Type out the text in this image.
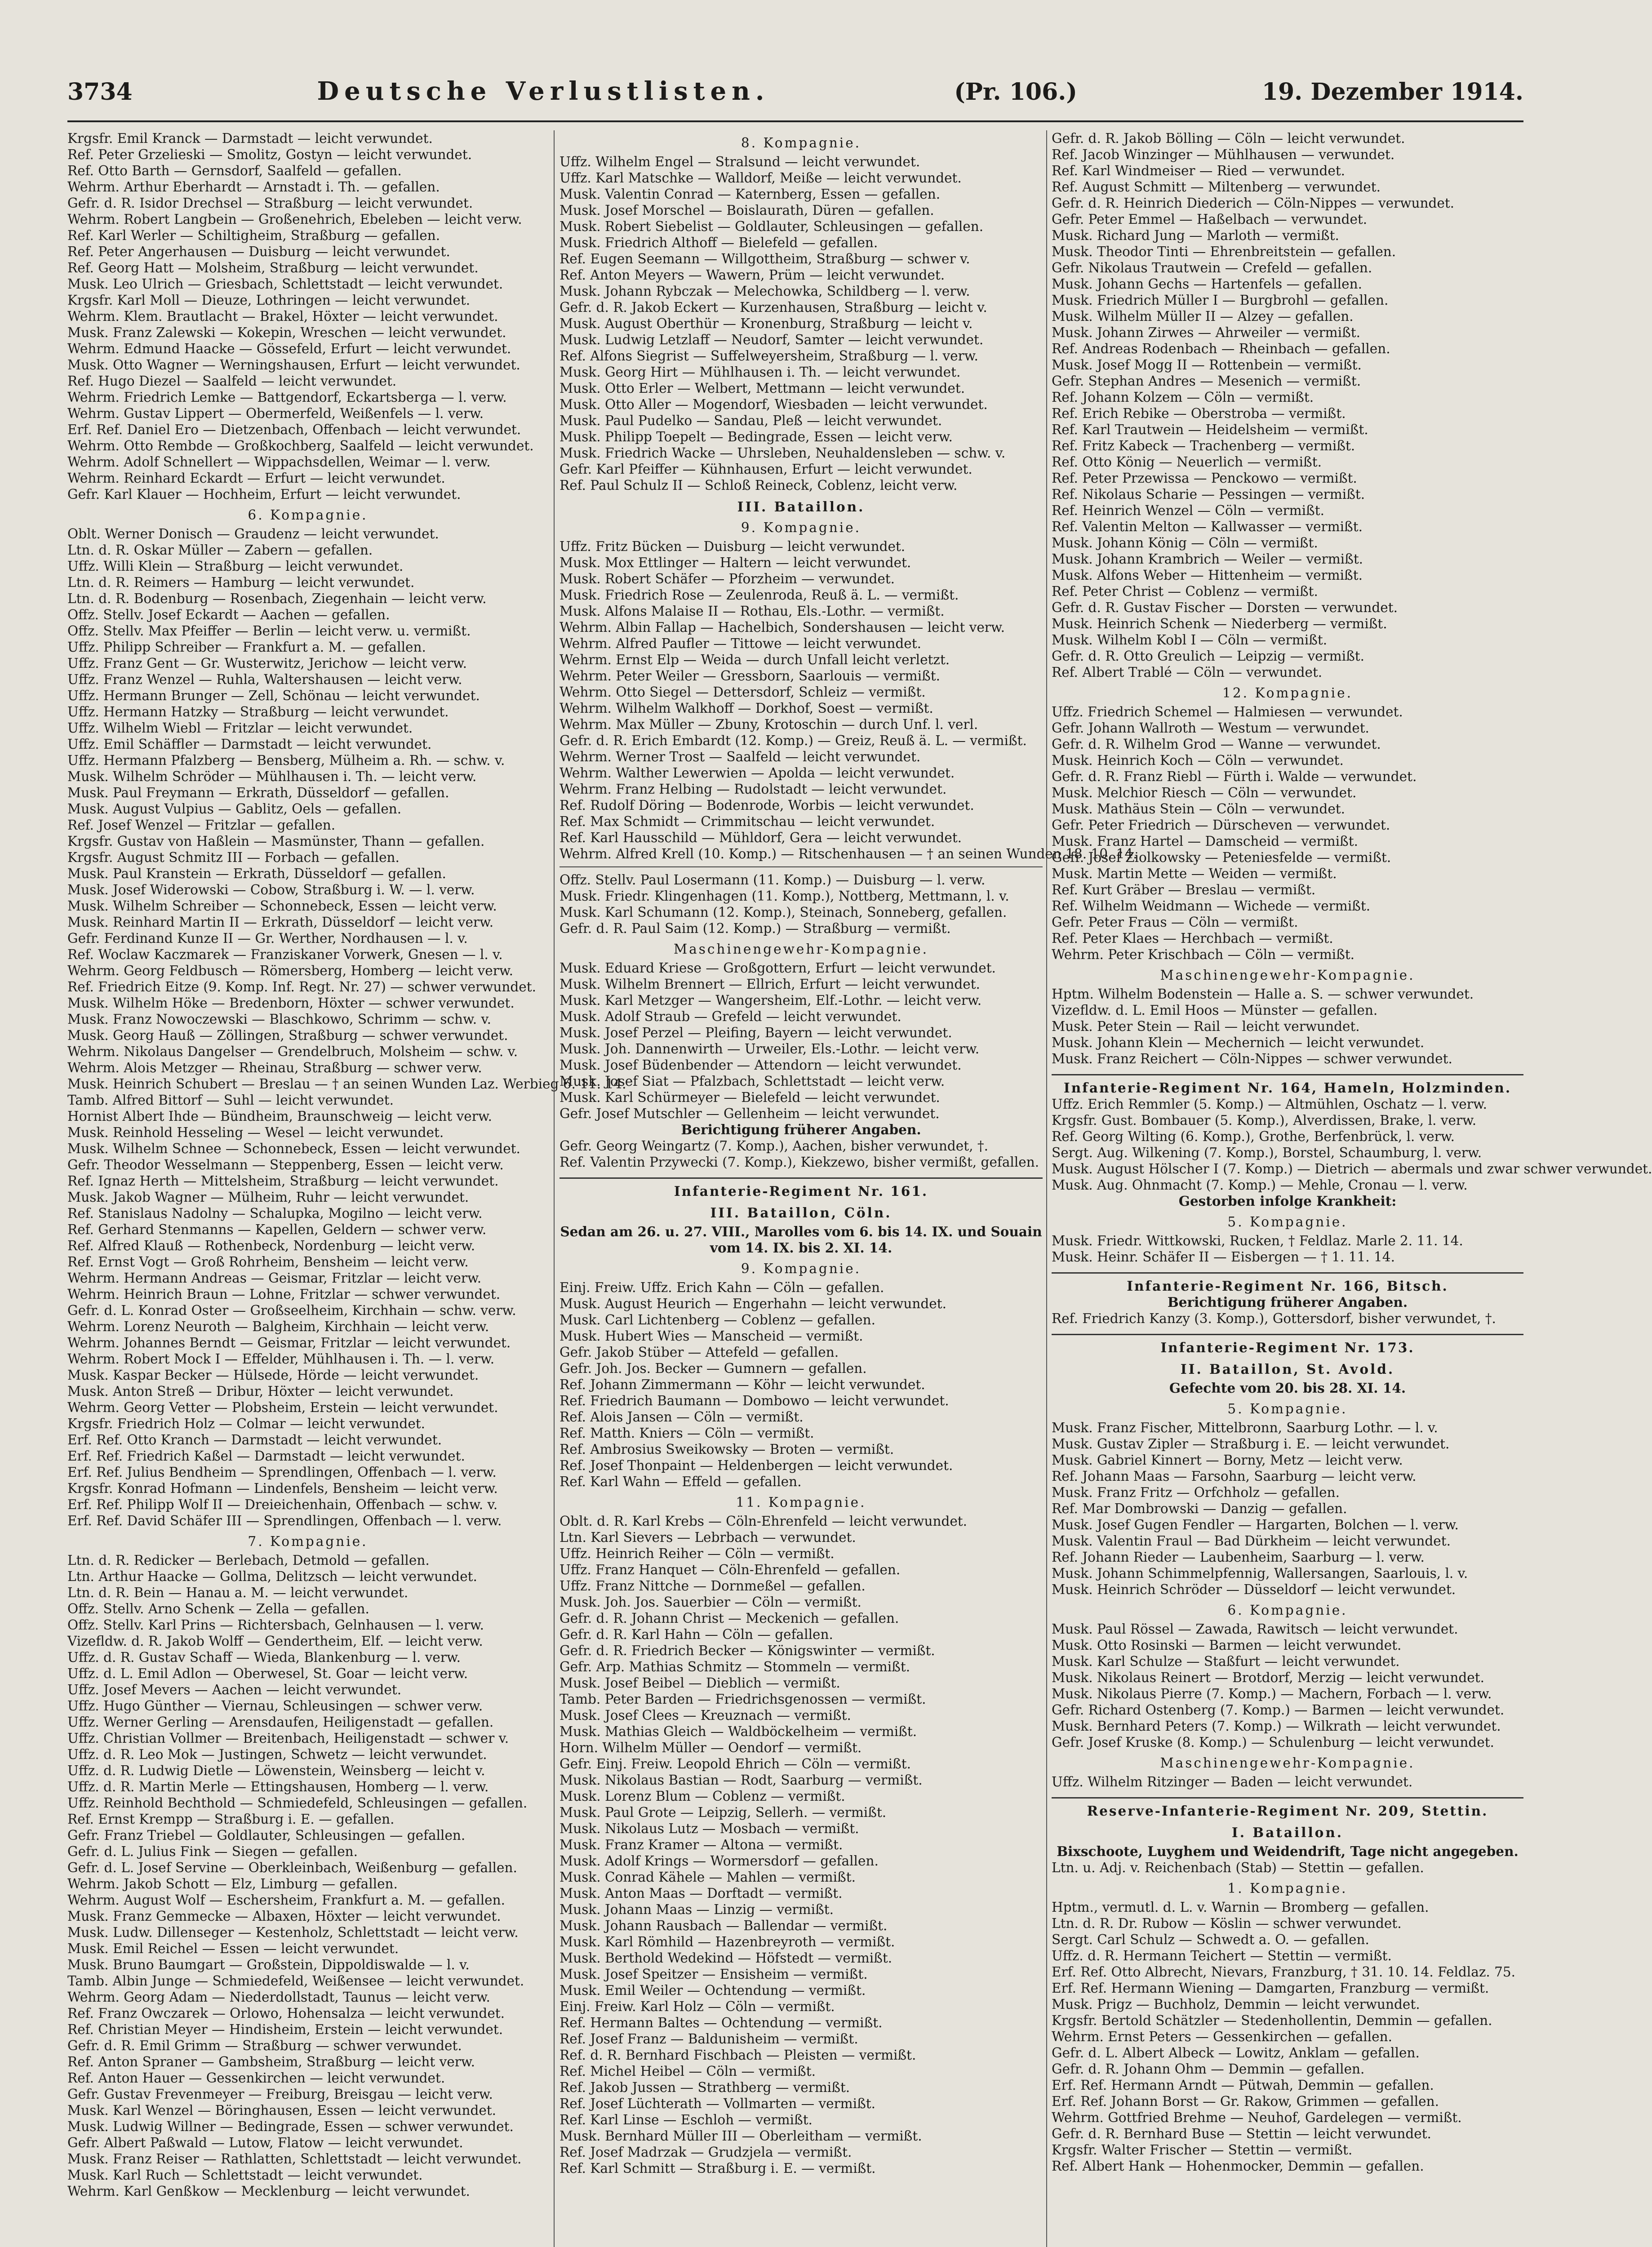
3734	Deutsche Verlustlisten.	(Pr. 106.)	19. Dezember 1914.
Krgsfr. Emil Kranck — Darmstadt — leicht verwundet.
Ref. Peter Grzelieski — Smolitz, Gostyn — leicht verwundet.
Ref. Otto Barth — Gernsdorf, Saalfeld — gefallen.
Wehrm. Arthur Eberhardt — Arnstadt i. Th. — gefallen.
Gefr. d. R. Isidor Drechsel — Straßburg — leicht verwundet.
Wehrm. Robert Langbein — Großenehrich, Ebeleben — leicht verw.
Ref. Karl Werler — Schiltigheim, Straßburg — gefallen.
Ref. Peter Angerhausen — Duisburg — leicht verwundet.
Ref. Georg Hatt — Molsheim, Straßburg — leicht verwundet.
Musk. Leo Ulrich — Griesbach, Schlettstadt — leicht verwundet.
Krgsfr. Karl Moll — Dieuze, Lothringen — leicht verwundet.
Wehrm. Klem. Brautlacht — Brakel, Höxter — leicht verwundet.
Musk. Franz Zalewski — Kokepin, Wreschen — leicht verwundet.
Wehrm. Edmund Haacke — Gössefeld, Erfurt — leicht verwundet.
Musk. Otto Wagner — Werningshausen, Erfurt — leicht verwundet.
Ref. Hugo Diezel — Saalfeld — leicht verwundet.
Wehrm. Friedrich Lemke — Battgendorf, Eckartsberga — l. verw.
Wehrm. Gustav Lippert — Obermerfeld, Weißenfels — l. verw.
Erf. Ref. Daniel Ero — Dietzenbach, Offenbach — leicht verwundet.
Wehrm. Otto Rembde — Großkochberg, Saalfeld — leicht verwundet.
Wehrm. Adolf Schnellert — Wippachsdellen, Weimar — l. verw.
Wehrm. Reinhard Eckardt — Erfurt — leicht verwundet.
Gefr. Karl Klauer — Hochheim, Erfurt — leicht verwundet.
6. Kompagnie.
Oblt. Werner Donisch — Graudenz — leicht verwundet.
Ltn. d. R. Oskar Müller — Zabern — gefallen.
Uffz. Willi Klein — Straßburg — leicht verwundet.
Ltn. d. R. Reimers — Hamburg — leicht verwundet.
Ltn. d. R. Bodenburg — Rosenbach, Ziegenhain — leicht verw.
Offz. Stellv. Josef Eckardt — Aachen — gefallen.
Offz. Stellv. Max Pfeiffer — Berlin — leicht verw. u. vermißt.
Uffz. Philipp Schreiber — Frankfurt a. M. — gefallen.
Uffz. Franz Gent — Gr. Wusterwitz, Jerichow — leicht verw.
Uffz. Franz Wenzel — Ruhla, Waltershausen — leicht verw.
Uffz. Hermann Brunger — Zell, Schönau — leicht verwundet.
Uffz. Hermann Hatzky — Straßburg — leicht verwundet.
Uffz. Wilhelm Wiebl — Fritzlar — leicht verwundet.
Uffz. Emil Schäffler — Darmstadt — leicht verwundet.
Uffz. Hermann Pfalzberg — Bensberg, Mülheim a. Rh. — schw. v.
Musk. Wilhelm Schröder — Mühlhausen i. Th. — leicht verw.
Musk. Paul Freymann — Erkrath, Düsseldorf — gefallen.
Musk. August Vulpius — Gablitz, Oels — gefallen.
Ref. Josef Wenzel — Fritzlar — gefallen.
Krgsfr. Gustav von Haßlein — Masmünster, Thann — gefallen.
Krgsfr. August Schmitz III — Forbach — gefallen.
Musk. Paul Kranstein — Erkrath, Düsseldorf — gefallen.
Musk. Josef Widerowski — Cobow, Straßburg i. W. — l. verw.
Musk. Wilhelm Schreiber — Schonnebeck, Essen — leicht verw.
Musk. Reinhard Martin II — Erkrath, Düsseldorf — leicht verw.
Gefr. Ferdinand Kunze II — Gr. Werther, Nordhausen — l. v.
Ref. Woclaw Kaczmarek — Franziskaner Vorwerk, Gnesen — l. v.
Wehrm. Georg Feldbusch — Römersberg, Homberg — leicht verw.
Ref. Friedrich Eitze (9. Komp. Inf. Regt. Nr. 27) — schwer verwundet.
Musk. Wilhelm Höke — Bredenborn, Höxter — schwer verwundet.
Musk. Franz Nowoczewski — Blaschkowo, Schrimm — schw. v.
Musk. Georg Hauß — Zöllingen, Straßburg — schwer verwundet.
Wehrm. Nikolaus Dangelser — Grendelbruch, Molsheim — schw. v.
Wehrm. Alois Metzger — Rheinau, Straßburg — schwer verw.
Musk. Heinrich Schubert — Breslau — † an seinen Wunden Laz. Werbieg 6. 11. 14.
Tamb. Alfred Bittorf — Suhl — leicht verwundet.
Hornist Albert Ihde — Bündheim, Braunschweig — leicht verw.
Musk. Reinhold Hesseling — Wesel — leicht verwundet.
Musk. Wilhelm Schnee — Schonnebeck, Essen — leicht verwundet.
Gefr. Theodor Wesselmann — Steppenberg, Essen — leicht verw.
Ref. Ignaz Herth — Mittelsheim, Straßburg — leicht verwundet.
Musk. Jakob Wagner — Mülheim, Ruhr — leicht verwundet.
Ref. Stanislaus Nadolny — Schalupka, Mogilno — leicht verw.
Ref. Gerhard Stenmanns — Kapellen, Geldern — schwer verw.
Ref. Alfred Klauß — Rothenbeck, Nordenburg — leicht verw.
Ref. Ernst Vogt — Groß Rohrheim, Bensheim — leicht verw.
Wehrm. Hermann Andreas — Geismar, Fritzlar — leicht verw.
Wehrm. Heinrich Braun — Lohne, Fritzlar — schwer verwundet.
Gefr. d. L. Konrad Oster — Großseelheim, Kirchhain — schw. verw.
Wehrm. Lorenz Neuroth — Balgheim, Kirchhain — leicht verw.
Wehrm. Johannes Berndt — Geismar, Fritzlar — leicht verwundet.
Wehrm. Robert Mock I — Effelder, Mühlhausen i. Th. — l. verw.
Musk. Kaspar Becker — Hülsede, Hörde — leicht verwundet.
Musk. Anton Streß — Dribur, Höxter — leicht verwundet.
Wehrm. Georg Vetter — Plobsheim, Erstein — leicht verwundet.
Krgsfr. Friedrich Holz — Colmar — leicht verwundet.
Erf. Ref. Otto Kranch — Darmstadt — leicht verwundet.
Erf. Ref. Friedrich Kaßel — Darmstadt — leicht verwundet.
Erf. Ref. Julius Bendheim — Sprendlingen, Offenbach — l. verw.
Krgsfr. Konrad Hofmann — Lindenfels, Bensheim — leicht verw.
Erf. Ref. Philipp Wolf II — Dreieichenhain, Offenbach — schw. v.
Erf. Ref. David Schäfer III — Sprendlingen, Offenbach — l. verw.
7. Kompagnie.
Ltn. d. R. Redicker — Berlebach, Detmold — gefallen.
Ltn. Arthur Haacke — Gollma, Delitzsch — leicht verwundet.
Ltn. d. R. Bein — Hanau a. M. — leicht verwundet.
Offz. Stellv. Arno Schenk — Zella — gefallen.
Offz. Stellv. Karl Prins — Richtersbach, Gelnhausen — l. verw.
Vizefldw. d. R. Jakob Wolff — Gendertheim, Elf. — leicht verw.
Uffz. d. R. Gustav Schaff — Wieda, Blankenburg — l. verw.
Uffz. d. L. Emil Adlon — Oberwesel, St. Goar — leicht verw.
Uffz. Josef Mevers — Aachen — leicht verwundet.
Uffz. Hugo Günther — Viernau, Schleusingen — schwer verw.
Uffz. Werner Gerling — Arensdaufen, Heiligenstadt — gefallen.
Uffz. Christian Vollmer — Breitenbach, Heiligenstadt — schwer v.
Uffz. d. R. Leo Mok — Justingen, Schwetz — leicht verwundet.
Uffz. d. R. Ludwig Dietle — Löwenstein, Weinsberg — leicht v.
Uffz. d. R. Martin Merle — Ettingshausen, Homberg — l. verw.
Uffz. Reinhold Bechthold — Schmiedefeld, Schleusingen — gefallen.
Ref. Ernst Krempp — Straßburg i. E. — gefallen.
Gefr. Franz Triebel — Goldlauter, Schleusingen — gefallen.
Gefr. d. L. Julius Fink — Siegen — gefallen.
Gefr. d. L. Josef Servine — Oberkleinbach, Weißenburg — gefallen.
Wehrm. Jakob Schott — Elz, Limburg — gefallen.
Wehrm. August Wolf — Eschersheim, Frankfurt a. M. — gefallen.
Musk. Franz Gemmecke — Albaxen, Höxter — leicht verwundet.
Musk. Ludw. Dillenseger — Kestenholz, Schlettstadt — leicht verw.
Musk. Emil Reichel — Essen — leicht verwundet.
Musk. Bruno Baumgart — Großstein, Dippoldiswalde — l. v.
Tamb. Albin Junge — Schmiedefeld, Weißensee — leicht verwundet.
Wehrm. Georg Adam — Niederdollstadt, Taunus — leicht verw.
Ref. Franz Owczarek — Orlowo, Hohensalza — leicht verwundet.
Ref. Christian Meyer — Hindisheim, Erstein — leicht verwundet.
Gefr. d. R. Emil Grimm — Straßburg — schwer verwundet.
Ref. Anton Spraner — Gambsheim, Straßburg — leicht verw.
Ref. Anton Hauer — Gessenkirchen — leicht verwundet.
Gefr. Gustav Frevenmeyer — Freiburg, Breisgau — leicht verw.
Musk. Karl Wenzel — Böringhausen, Essen — leicht verwundet.
Musk. Ludwig Willner — Bedingrade, Essen — schwer verwundet.
Gefr. Albert Paßwald — Lutow, Flatow — leicht verwundet.
Musk. Franz Reiser — Rathlatten, Schlettstadt — leicht verwundet.
Musk. Karl Ruch — Schlettstadt — leicht verwundet.
Wehrm. Karl Genßkow — Mecklenburg — leicht verwundet.
8. Kompagnie.
Uffz. Wilhelm Engel — Stralsund — leicht verwundet.
Uffz. Karl Matschke — Walldorf, Meiße — leicht verwundet.
Musk. Valentin Conrad — Katernberg, Essen — gefallen.
Musk. Josef Morschel — Boislaurath, Düren — gefallen.
Musk. Robert Siebelist — Goldlauter, Schleusingen — gefallen.
Musk. Friedrich Althoff — Bielefeld — gefallen.
Ref. Eugen Seemann — Willgottheim, Straßburg — schwer v.
Ref. Anton Meyers — Wawern, Prüm — leicht verwundet.
Musk. Johann Rybczak — Melechowka, Schildberg — l. verw.
Gefr. d. R. Jakob Eckert — Kurzenhausen, Straßburg — leicht v.
Musk. August Oberthür — Kronenburg, Straßburg — leicht v.
Musk. Ludwig Letzlaff — Neudorf, Samter — leicht verwundet.
Ref. Alfons Siegrist — Suffelweyersheim, Straßburg — l. verw.
Musk. Georg Hirt — Mühlhausen i. Th. — leicht verwundet.
Musk. Otto Erler — Welbert, Mettmann — leicht verwundet.
Musk. Otto Aller — Mogendorf, Wiesbaden — leicht verwundet.
Musk. Paul Pudelko — Sandau, Pleß — leicht verwundet.
Musk. Philipp Toepelt — Bedingrade, Essen — leicht verw.
Musk. Friedrich Wacke — Uhrsleben, Neuhaldensleben — schw. v.
Gefr. Karl Pfeiffer — Kühnhausen, Erfurt — leicht verwundet.
Ref. Paul Schulz II — Schloß Reineck, Coblenz, leicht verw.
III. Bataillon.
9. Kompagnie.
Uffz. Fritz Bücken — Duisburg — leicht verwundet.
Musk. Mox Ettlinger — Haltern — leicht verwundet.
Musk. Robert Schäfer — Pforzheim — verwundet.
Musk. Friedrich Rose — Zeulenroda, Reuß ä. L. — vermißt.
Musk. Alfons Malaise II — Rothau, Els.-Lothr. — vermißt.
Wehrm. Albin Fallap — Hachelbich, Sondershausen — leicht verw.
Wehrm. Alfred Paufler — Tittowe — leicht verwundet.
Wehrm. Ernst Elp — Weida — durch Unfall leicht verletzt.
Wehrm. Peter Weiler — Gressborn, Saarlouis — vermißt.
Wehrm. Otto Siegel — Dettersdorf, Schleiz — vermißt.
Wehrm. Wilhelm Walkhoff — Dorkhof, Soest — vermißt.
Wehrm. Max Müller — Zbuny, Krotoschin — durch Unf. l. verl.
Gefr. d. R. Erich Embardt (12. Komp.) — Greiz, Reuß ä. L. — vermißt.
Wehrm. Werner Trost — Saalfeld — leicht verwundet.
Wehrm. Walther Lewerwien — Apolda — leicht verwundet.
Wehrm. Franz Helbing — Rudolstadt — leicht verwundet.
Ref. Rudolf Döring — Bodenrode, Worbis — leicht verwundet.
Ref. Max Schmidt — Crimmitschau — leicht verwundet.
Ref. Karl Hausschild — Mühldorf, Gera — leicht verwundet.
Wehrm. Alfred Krell (10. Komp.) — Ritschenhausen — † an seinen Wunden 18. 10. 14.
Offz. Stellv. Paul Losermann (11. Komp.) — Duisburg — l. verw.
Musk. Friedr. Klingenhagen (11. Komp.), Nottberg, Mettmann, l. v.
Musk. Karl Schumann (12. Komp.), Steinach, Sonneberg, gefallen.
Gefr. d. R. Paul Saim (12. Komp.) — Straßburg — vermißt.
Maschinengewehr-Kompagnie.
Musk. Eduard Kriese — Großgottern, Erfurt — leicht verwundet.
Musk. Wilhelm Brennert — Ellrich, Erfurt — leicht verwundet.
Musk. Karl Metzger — Wangersheim, Elf.-Lothr. — leicht verw.
Musk. Adolf Straub — Grefeld — leicht verwundet.
Musk. Josef Perzel — Pleifing, Bayern — leicht verwundet.
Musk. Joh. Dannenwirth — Urweiler, Els.-Lothr. — leicht verw.
Musk. Josef Büdenbender — Attendorn — leicht verwundet.
Musk. Josef Siat — Pfalzbach, Schlettstadt — leicht verw.
Musk. Karl Schürmeyer — Bielefeld — leicht verwundet.
Gefr. Josef Mutschler — Gellenheim — leicht verwundet.
Berichtigung früherer Angaben.
Gefr. Georg Weingartz (7. Komp.), Aachen, bisher verwundet, †.
Ref. Valentin Przywecki (7. Komp.), Kiekzewo, bisher vermißt, gefallen.
Infanterie-Regiment Nr. 161.
III. Bataillon, Cöln.
Sedan am 26. u. 27. VIII., Marolles vom 6. bis 14. IX. und Souain vom 14. IX. bis 2. XI. 14.
9. Kompagnie.
Einj. Freiw. Uffz. Erich Kahn — Cöln — gefallen.
Musk. August Heurich — Engerhahn — leicht verwundet.
Musk. Carl Lichtenberg — Coblenz — gefallen.
Musk. Hubert Wies — Manscheid — vermißt.
Gefr. Jakob Stüber — Attefeld — gefallen.
Gefr. Joh. Jos. Becker — Gumnern — gefallen.
Ref. Johann Zimmermann — Köhr — leicht verwundet.
Ref. Friedrich Baumann — Dombowo — leicht verwundet.
Ref. Alois Jansen — Cöln — vermißt.
Ref. Matth. Kniers — Cöln — vermißt.
Ref. Ambrosius Sweikowsky — Broten — vermißt.
Ref. Josef Thonpaint — Heldenbergen — leicht verwundet.
Ref. Karl Wahn — Effeld — gefallen.
11. Kompagnie.
Oblt. d. R. Karl Krebs — Cöln-Ehrenfeld — leicht verwundet.
Ltn. Karl Sievers — Lebrbach — verwundet.
Uffz. Heinrich Reiher — Cöln — vermißt.
Uffz. Franz Hanquet — Cöln-Ehrenfeld — gefallen.
Uffz. Franz Nittche — Dornmeßel — gefallen.
Musk. Joh. Jos. Sauerbier — Cöln — vermißt.
Gefr. d. R. Johann Christ — Meckenich — gefallen.
Gefr. d. R. Karl Hahn — Cöln — gefallen.
Gefr. d. R. Friedrich Becker — Königswinter — vermißt.
Gefr. Arp. Mathias Schmitz — Stommeln — vermißt.
Musk. Josef Beibel — Dieblich — vermißt.
Tamb. Peter Barden — Friedrichsgenossen — vermißt.
Musk. Josef Clees — Kreuznach — vermißt.
Musk. Mathias Gleich — Waldböckelheim — vermißt.
Horn. Wilhelm Müller — Oendorf — vermißt.
Gefr. Einj. Freiw. Leopold Ehrich — Cöln — vermißt.
Musk. Nikolaus Bastian — Rodt, Saarburg — vermißt.
Musk. Lorenz Blum — Coblenz — vermißt.
Musk. Paul Grote — Leipzig, Sellerh. — vermißt.
Musk. Nikolaus Lutz — Mosbach — vermißt.
Musk. Franz Kramer — Altona — vermißt.
Musk. Adolf Krings — Wormersdorf — gefallen.
Musk. Conrad Kähele — Mahlen — vermißt.
Musk. Anton Maas — Dorftadt — vermißt.
Musk. Johann Maas — Linzig — vermißt.
Musk. Johann Rausbach — Ballendar — vermißt.
Musk. Karl Römhild — Hazenbreyroth — vermißt.
Musk. Berthold Wedekind — Höfstedt — vermißt.
Musk. Josef Speitzer — Ensisheim — vermißt.
Musk. Emil Weiler — Ochtendung — vermißt.
Einj. Freiw. Karl Holz — Cöln — vermißt.
Ref. Hermann Baltes — Ochtendung — vermißt.
Ref. Josef Franz — Baldunisheim — vermißt.
Ref. d. R. Bernhard Fischbach — Pleisten — vermißt.
Ref. Michel Heibel — Cöln — vermißt.
Ref. Jakob Jussen — Strathberg — vermißt.
Ref. Josef Lüchterath — Vollmarten — vermißt.
Ref. Karl Linse — Eschloh — vermißt.
Musk. Bernhard Müller III — Oberleitham — vermißt.
Ref. Josef Madrzak — Grudzjela — vermißt.
Ref. Karl Schmitt — Straßburg i. E. — vermißt.
Gefr. d. R. Jakob Bölling — Cöln — leicht verwundet.
Ref. Jacob Winzinger — Mühlhausen — verwundet.
Ref. Karl Windmeiser — Ried — verwundet.
Ref. August Schmitt — Miltenberg — verwundet.
Gefr. d. R. Heinrich Diederich — Cöln-Nippes — verwundet.
Gefr. Peter Emmel — Haßelbach — verwundet.
Musk. Richard Jung — Marloth — vermißt.
Musk. Theodor Tinti — Ehrenbreitstein — gefallen.
Gefr. Nikolaus Trautwein — Crefeld — gefallen.
Musk. Johann Gechs — Hartenfels — gefallen.
Musk. Friedrich Müller I — Burgbrohl — gefallen.
Musk. Wilhelm Müller II — Alzey — gefallen.
Musk. Johann Zirwes — Ahrweiler — vermißt.
Ref. Andreas Rodenbach — Rheinbach — gefallen.
Musk. Josef Mogg II — Rottenbein — vermißt.
Gefr. Stephan Andres — Mesenich — vermißt.
Ref. Johann Kolzem — Cöln — vermißt.
Ref. Erich Rebike — Oberstroba — vermißt.
Ref. Karl Trautwein — Heidelsheim — vermißt.
Ref. Fritz Kabeck — Trachenberg — vermißt.
Ref. Otto König — Neuerlich — vermißt.
Ref. Peter Przewissa — Penckowo — vermißt.
Ref. Nikolaus Scharie — Pessingen — vermißt.
Ref. Heinrich Wenzel — Cöln — vermißt.
Ref. Valentin Melton — Kallwasser — vermißt.
Musk. Johann König — Cöln — vermißt.
Musk. Johann Krambrich — Weiler — vermißt.
Musk. Alfons Weber — Hittenheim — vermißt.
Ref. Peter Christ — Coblenz — vermißt.
Gefr. d. R. Gustav Fischer — Dorsten — verwundet.
Musk. Heinrich Schenk — Niederberg — vermißt.
Musk. Wilhelm Kobl I — Cöln — vermißt.
Gefr. d. R. Otto Greulich — Leipzig — vermißt.
Ref. Albert Trablé — Cöln — verwundet.
12. Kompagnie.
Uffz. Friedrich Schemel — Halmiesen — verwundet.
Gefr. Johann Wallroth — Westum — verwundet.
Gefr. d. R. Wilhelm Grod — Wanne — verwundet.
Musk. Heinrich Koch — Cöln — verwundet.
Gefr. d. R. Franz Riebl — Fürth i. Walde — verwundet.
Musk. Melchior Riesch — Cöln — verwundet.
Musk. Mathäus Stein — Cöln — verwundet.
Gefr. Peter Friedrich — Dürscheven — verwundet.
Musk. Franz Hartel — Damscheid — vermißt.
Gefr. Josef Ziolkowsky — Peteniesfelde — vermißt.
Musk. Martin Mette — Weiden — vermißt.
Ref. Kurt Gräber — Breslau — vermißt.
Ref. Wilhelm Weidmann — Wichede — vermißt.
Gefr. Peter Fraus — Cöln — vermißt.
Ref. Peter Klaes — Herchbach — vermißt.
Wehrm. Peter Krischbach — Cöln — vermißt.
Maschinengewehr-Kompagnie.
Hptm. Wilhelm Bodenstein — Halle a. S. — schwer verwundet.
Vizefldw. d. L. Emil Hoos — Münster — gefallen.
Musk. Peter Stein — Rail — leicht verwundet.
Musk. Johann Klein — Mechernich — leicht verwundet.
Musk. Franz Reichert — Cöln-Nippes — schwer verwundet.
Infanterie-Regiment Nr. 164, Hameln, Holzminden.
Uffz. Erich Remmler (5. Komp.) — Altmühlen, Oschatz — l. verw.
Krgsfr. Gust. Bombauer (5. Komp.), Alverdissen, Brake, l. verw.
Ref. Georg Wilting (6. Komp.), Grothe, Berfenbrück, l. verw.
Sergt. Aug. Wilkening (7. Komp.), Borstel, Schaumburg, l. verw.
Musk. August Hölscher I (7. Komp.) — Dietrich — abermals und zwar schwer verwundet.
Musk. Aug. Ohnmacht (7. Komp.) — Mehle, Cronau — l. verw.
Gestorben infolge Krankheit:
5. Kompagnie.
Musk. Friedr. Wittkowski, Rucken, † Feldlaz. Marle 2. 11. 14.
Musk. Heinr. Schäfer II — Eisbergen — † 1. 11. 14.
Infanterie-Regiment Nr. 166, Bitsch.
Berichtigung früherer Angaben.
Ref. Friedrich Kanzy (3. Komp.), Gottersdorf, bisher verwundet, †.
Infanterie-Regiment Nr. 173.
II. Bataillon, St. Avold.
Gefechte vom 20. bis 28. XI. 14.
5. Kompagnie.
Musk. Franz Fischer, Mittelbronn, Saarburg Lothr. — l. v.
Musk. Gustav Zipler — Straßburg i. E. — leicht verwundet.
Musk. Gabriel Kinnert — Borny, Metz — leicht verw.
Ref. Johann Maas — Farsohn, Saarburg — leicht verw.
Musk. Franz Fritz — Orfchholz — gefallen.
Ref. Mar Dombrowski — Danzig — gefallen.
Musk. Josef Gugen Fendler — Hargarten, Bolchen — l. verw.
Musk. Valentin Fraul — Bad Dürkheim — leicht verwundet.
Ref. Johann Rieder — Laubenheim, Saarburg — l. verw.
Musk. Johann Schimmelpfennig, Wallersangen, Saarlouis, l. v.
Musk. Heinrich Schröder — Düsseldorf — leicht verwundet.
6. Kompagnie.
Musk. Paul Rössel — Zawada, Rawitsch — leicht verwundet.
Musk. Otto Rosinski — Barmen — leicht verwundet.
Musk. Karl Schulze — Staßfurt — leicht verwundet.
Musk. Nikolaus Reinert — Brotdorf, Merzig — leicht verwundet.
Musk. Nikolaus Pierre (7. Komp.) — Machern, Forbach — l. verw.
Gefr. Richard Ostenberg (7. Komp.) — Barmen — leicht verwundet.
Musk. Bernhard Peters (7. Komp.) — Wilkrath — leicht verwundet.
Gefr. Josef Kruske (8. Komp.) — Schulenburg — leicht verwundet.
Maschinengewehr-Kompagnie.
Uffz. Wilhelm Ritzinger — Baden — leicht verwundet.
Reserve-Infanterie-Regiment Nr. 209, Stettin.
I. Bataillon.
Bixschoote, Luyghem und Weidendrift, Tage nicht angegeben.
Ltn. u. Adj. v. Reichenbach (Stab) — Stettin — gefallen.
1. Kompagnie.
Hptm., vermutl. d. L. v. Warnin — Bromberg — gefallen.
Ltn. d. R. Dr. Rubow — Köslin — schwer verwundet.
Sergt. Carl Schulz — Schwedt a. O. — gefallen.
Uffz. d. R. Hermann Teichert — Stettin — vermißt.
Erf. Ref. Otto Albrecht, Nievars, Franzburg, † 31. 10. 14. Feldlaz. 75.
Erf. Ref. Hermann Wiening — Damgarten, Franzburg — vermißt.
Musk. Prigz — Buchholz, Demmin — leicht verwundet.
Krgsfr. Bertold Schätzler — Stedenhollentin, Demmin — gefallen.
Wehrm. Ernst Peters — Gessenkirchen — gefallen.
Gefr. d. L. Albert Albeck — Lowitz, Anklam — gefallen.
Gefr. d. R. Johann Ohm — Demmin — gefallen.
Erf. Ref. Hermann Arndt — Pütwah, Demmin — gefallen.
Erf. Ref. Johann Borst — Gr. Rakow, Grimmen — gefallen.
Wehrm. Gottfried Brehme — Neuhof, Gardelegen — vermißt.
Gefr. d. R. Bernhard Buse — Stettin — leicht verwundet.
Krgsfr. Walter Frischer — Stettin — vermißt.
Ref. Albert Hank — Hohenmocker, Demmin — gefallen.
